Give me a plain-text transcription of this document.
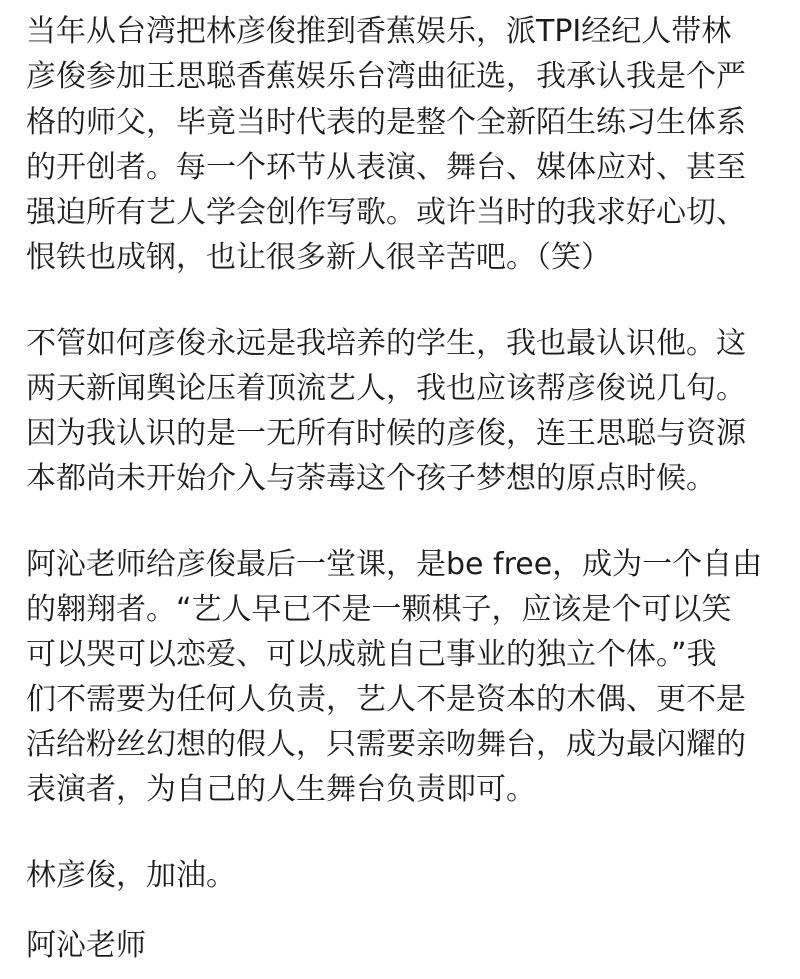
当年从台湾把林彦俊推到香蕉娱乐，派TPI经纪人带林

彦俊参加王思聪香蕉娱乐台湾曲征选，我承认我是个严

格的师父，毕竟当时代表的是整个全新陌生练习生体系

的开创者。每一个环节从表演、舞台、媒体应对、甚至

强迫所有艺人学会创作写歌。或许当时的我求好心切、

恨铁也成钢，也让很多新人很辛苦吧。（笑）

不管如何彦俊永远是我培养的学生，我也最认识他。这

两天新闻舆论压着顶流艺人，我也应该帮彦俊说几句。

因为我认识的是一无所有时候的彦俊，连王思聪与资源

本都尚未开始介入与荼毒这个孩子梦想的原点时候。

阿沁老师给彦俊最后一堂课，是be free，成为一个自由

的翱翔者。“艺人早已不是一颗棋子，应该是个可以笑

可以哭可以恋爱、可以成就自己事业的独立个体。”我

们不需要为任何人负责，艺人不是资本的木偶、更不是

活给粉丝幻想的假人，只需要亲吻舞台，成为最闪耀的

表演者，为自己的人生舞台负责即可。

林彦俊，加油。

阿沁老师
